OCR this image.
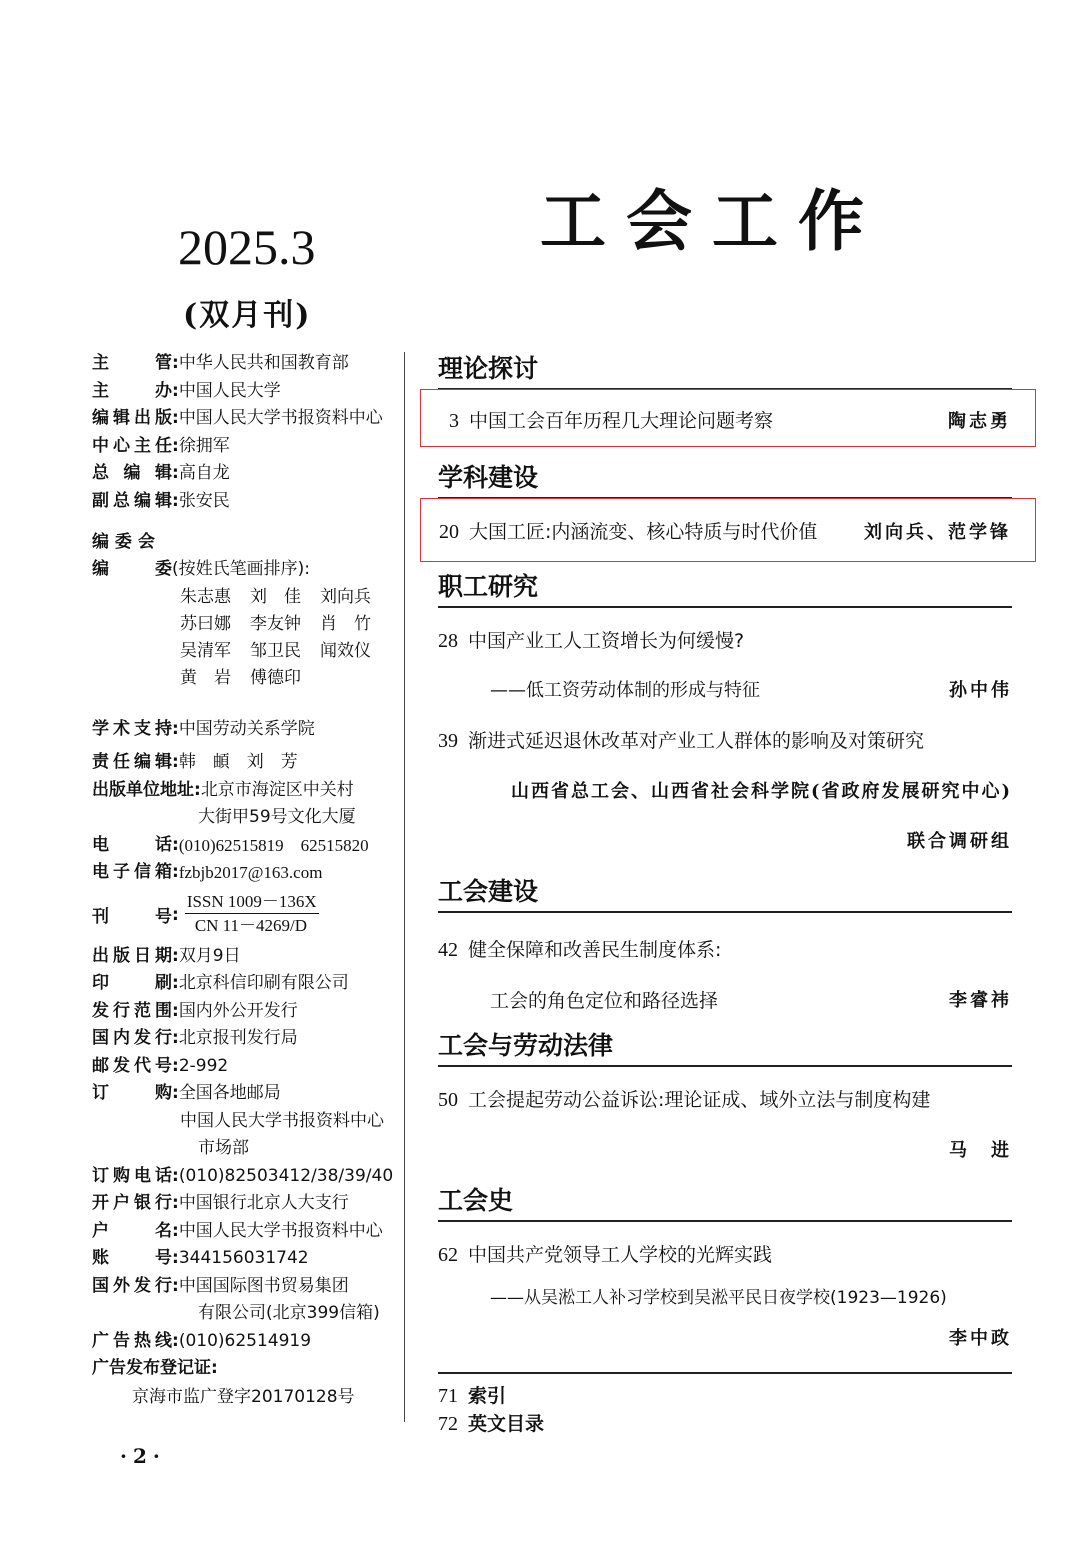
工会工作
2025.3
(双月刊)
主管 : 中华人民共和国教育部
主办 : 中国人民大学
编辑出版 : 中国人民大学书报资料中心
中心主任 : 徐拥军
总编辑 : 高自龙
副总编辑 : 张安民
编 委 会
编委 (按姓氏笔画排序):
朱志惠	刘　佳	刘向兵
苏曰娜	李友钟	肖　竹
吴清军	邹卫民	闻效仪
黄　岩	傅德印
学术支持 : 中国劳动关系学院
责任编辑 : 韩　頔　刘　芳
出版单位地址 : 北京市海淀区中关村
大街甲59号文化大厦
电话 : (010)62515819　62515820
电子信箱 : fzbjb2017@163.com
刊号 :
ISSN 1009－136X
CN 11－4269/D
出版日期 : 双月9日
印刷 : 北京科信印刷有限公司
发行范围 : 国内外公开发行
国内发行 : 北京报刊发行局
邮发代号 : 2-992
订购 : 全国各地邮局
中国人民大学书报资料中心
市场部
订购电话 : (010)82503412/38/39/40
开户银行 : 中国银行北京人大支行
户名 : 中国人民大学书报资料中心
账号 : 344156031742
国外发行 : 中国国际图书贸易集团
有限公司(北京399信箱)
广告热线 : (010)62514919
广告发布登记证 :
京海市监广登字20170128号
·2·
理论探讨
3 中国工会百年历程几大理论问题考察	陶志勇
学科建设
20 大国工匠:内涵流变、核心特质与时代价值	刘向兵、范学锋
职工研究
28 中国产业工人工资增长为何缓慢?
——低工资劳动体制的形成与特征	孙中伟
39 渐进式延迟退休改革对产业工人群体的影响及对策研究
山西省总工会、山西省社会科学院(省政府发展研究中心)
联合调研组
工会建设
42 健全保障和改善民生制度体系:
工会的角色定位和路径选择	李睿祎
工会与劳动法律
50 工会提起劳动公益诉讼:理论证成、域外立法与制度构建
马　进
工会史
62 中国共产党领导工人学校的光辉实践
——从吴淞工人补习学校到吴淞平民日夜学校(1923—1926)
李中政
71 索引
72 英文目录
